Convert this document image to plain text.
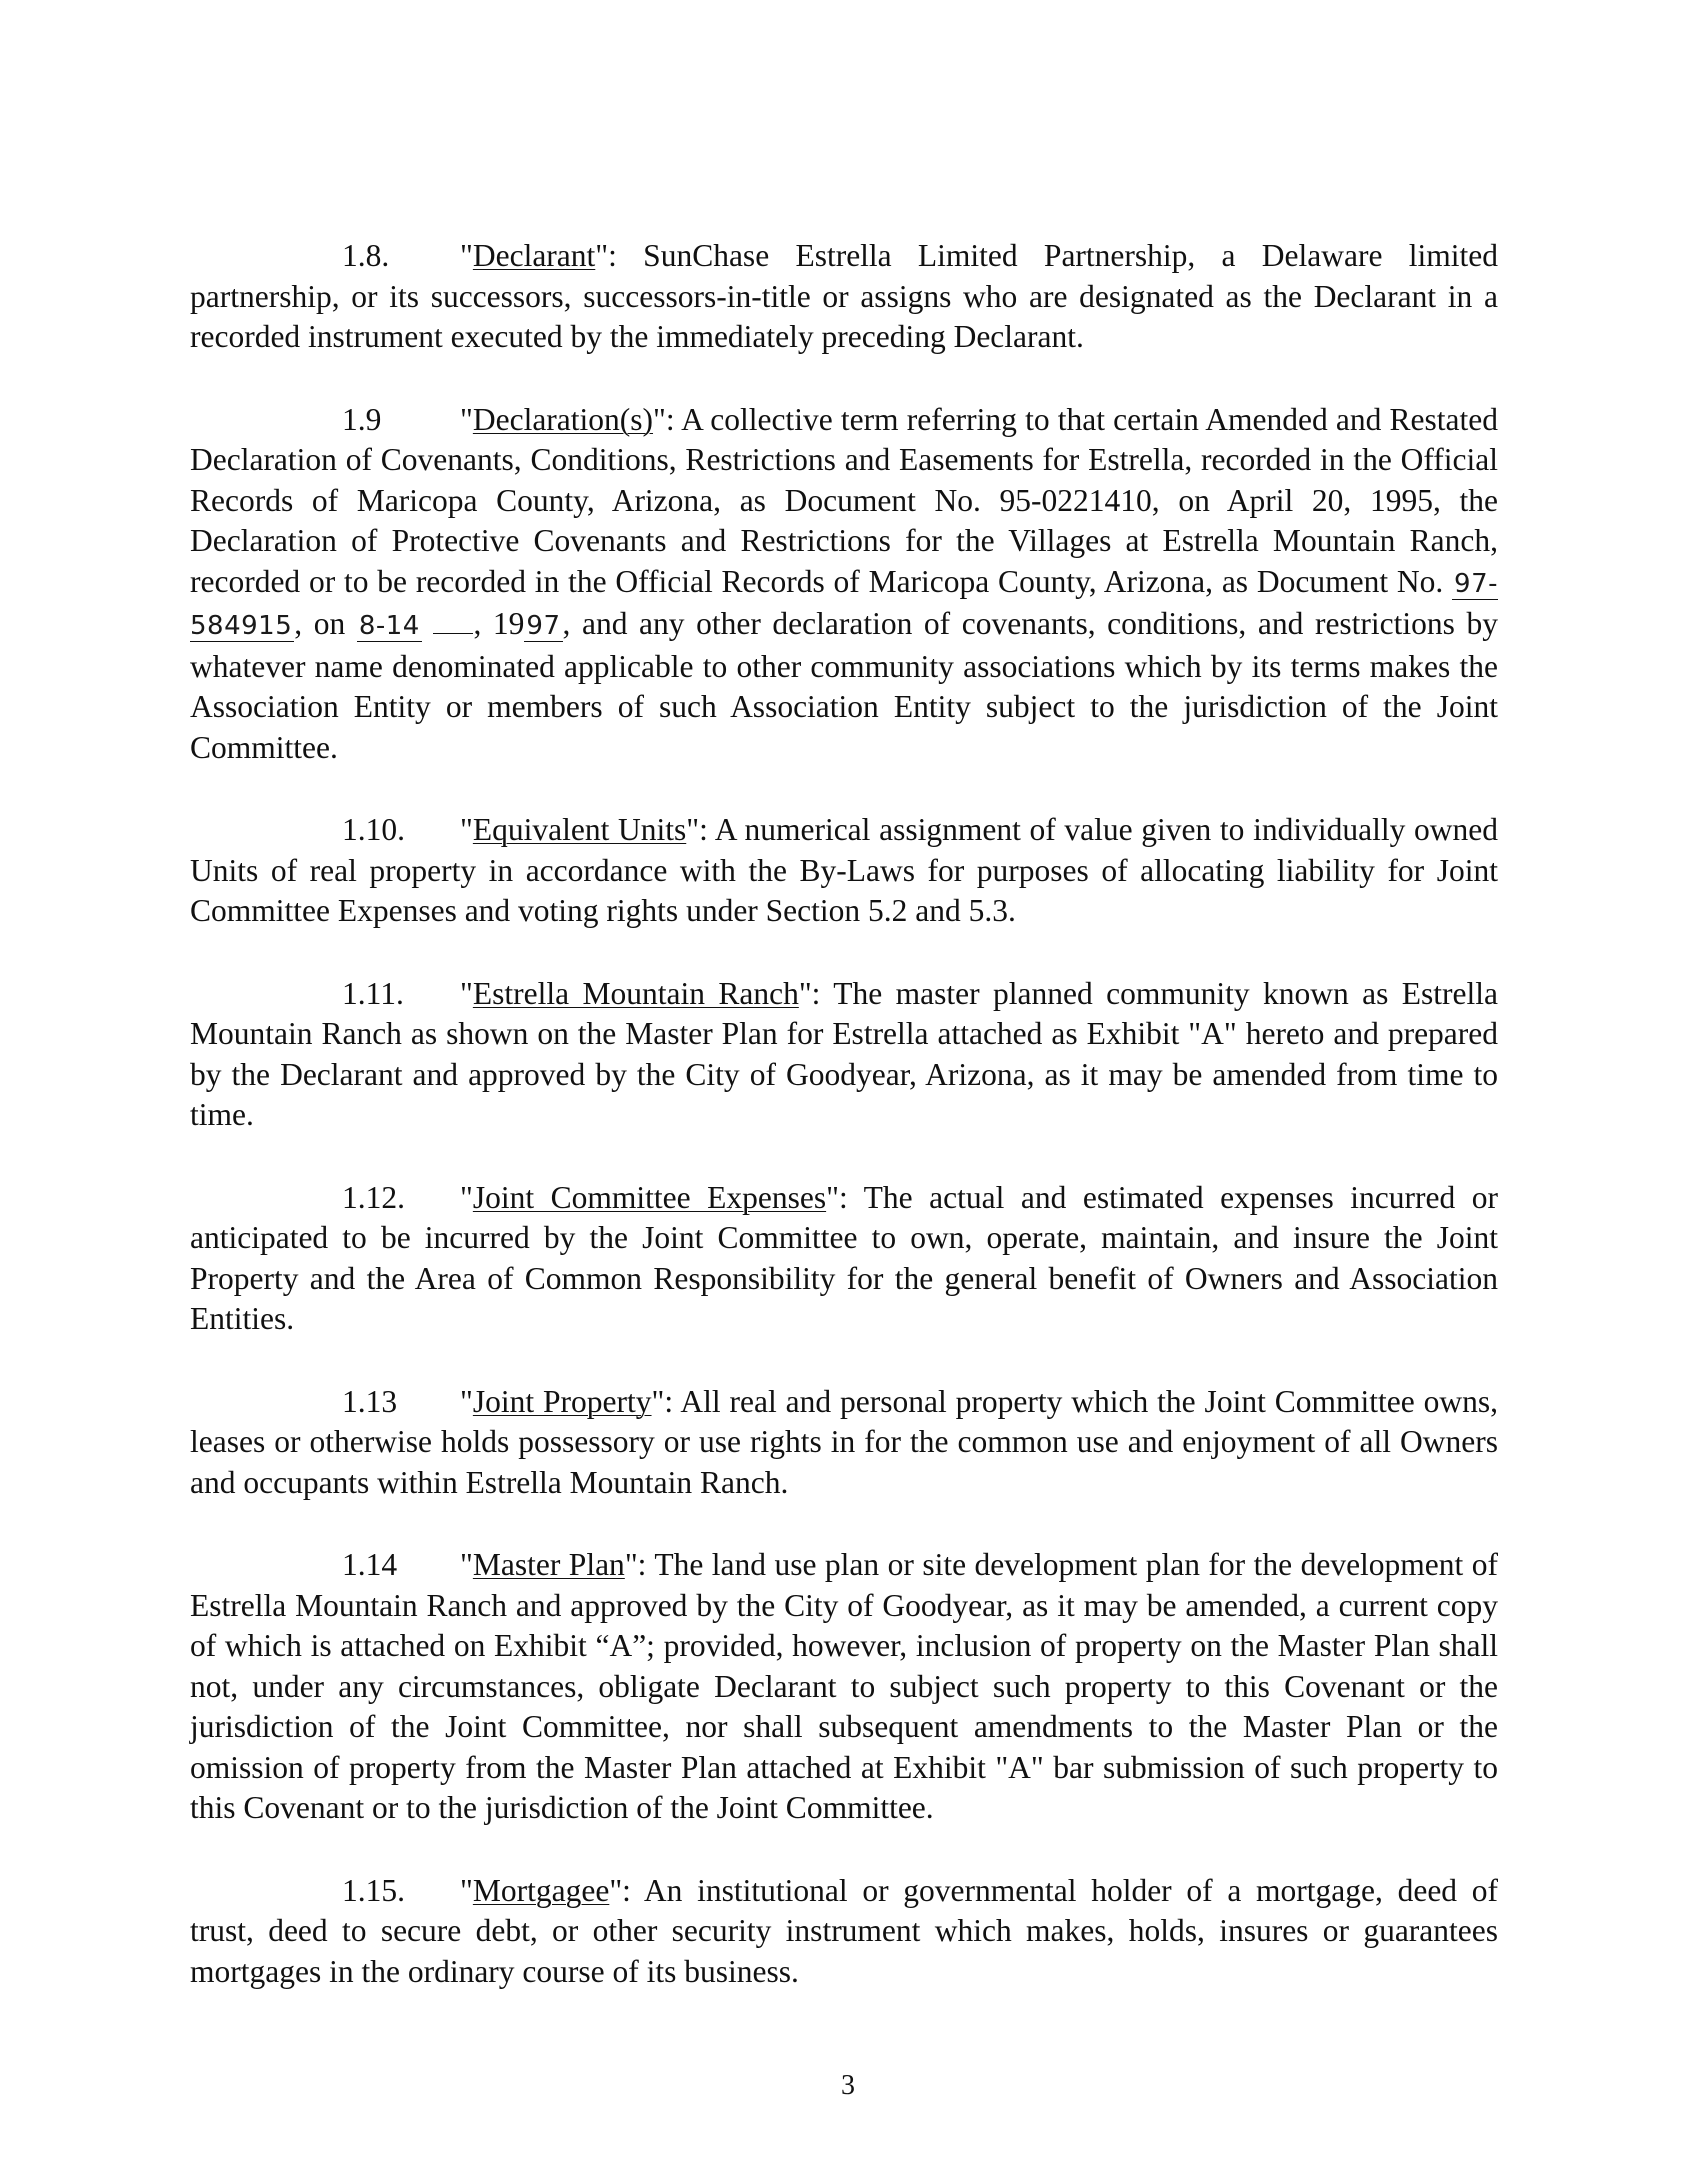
1.8. "Declarant": SunChase Estrella Limited Partnership, a Delaware limited partnership, or its successors, successors-in-title or assigns who are designated as the Declarant in a recorded instrument executed by the immediately preceding Declarant.

1.9 "Declaration(s)": A collective term referring to that certain Amended and Restated Declaration of Covenants, Conditions, Restrictions and Easements for Estrella, recorded in the Official Records of Maricopa County, Arizona, as Document No. 95-0221410, on April 20, 1995, the Declaration of Protective Covenants and Restrictions for the Villages at Estrella Mountain Ranch, recorded or to be recorded in the Official Records of Maricopa County, Arizona, as Document No. 97-584915, on 8-14 , 1997, and any other declaration of covenants, conditions, and restrictions by whatever name denominated applicable to other community associations which by its terms makes the Association Entity or members of such Association Entity subject to the jurisdiction of the Joint Committee.

1.10. "Equivalent Units": A numerical assignment of value given to individually owned Units of real property in accordance with the By-Laws for purposes of allocating liability for Joint Committee Expenses and voting rights under Section 5.2 and 5.3.

1.11. "Estrella Mountain Ranch": The master planned community known as Estrella Mountain Ranch as shown on the Master Plan for Estrella attached as Exhibit "A" hereto and prepared by the Declarant and approved by the City of Goodyear, Arizona, as it may be amended from time to time.

1.12. "Joint Committee Expenses": The actual and estimated expenses incurred or anticipated to be incurred by the Joint Committee to own, operate, maintain, and insure the Joint Property and the Area of Common Responsibility for the general benefit of Owners and Association Entities.

1.13 "Joint Property": All real and personal property which the Joint Committee owns, leases or otherwise holds possessory or use rights in for the common use and enjoyment of all Owners and occupants within Estrella Mountain Ranch.

1.14 "Master Plan": The land use plan or site development plan for the development of Estrella Mountain Ranch and approved by the City of Goodyear, as it may be amended, a current copy of which is attached on Exhibit “A”; provided, however, inclusion of property on the Master Plan shall not, under any circumstances, obligate Declarant to subject such property to this Covenant or the jurisdiction of the Joint Committee, nor shall subsequent amendments to the Master Plan or the omission of property from the Master Plan attached at Exhibit "A" bar submission of such property to this Covenant or to the jurisdiction of the Joint Committee.

1.15. "Mortgagee": An institutional or governmental holder of a mortgage, deed of trust, deed to secure debt, or other security instrument which makes, holds, insures or guarantees mortgages in the ordinary course of its business.

3
